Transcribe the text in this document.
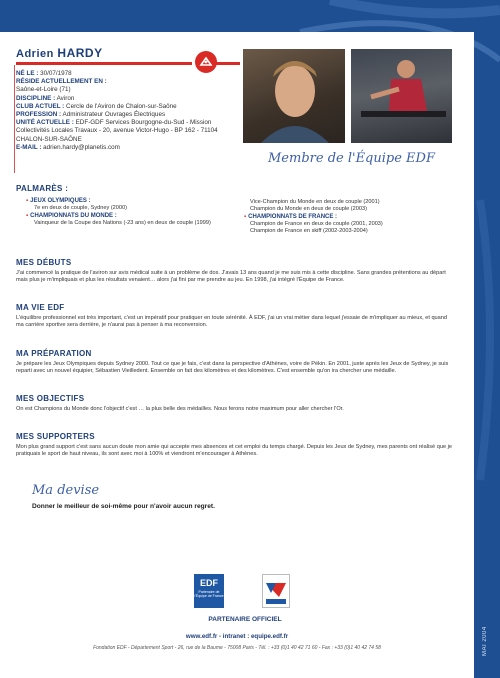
Adrien HARDY
Membre de l'Équipe EDF
NÉ LE : 30/07/1978
RÉSIDE ACTUELLEMENT EN :
Saône-et-Loire (71)
DISCIPLINE : Aviron
CLUB ACTUEL : Cercle de l'Aviron de Chalon-sur-Saône
PROFESSION : Administrateur Ouvrages Électriques
UNITÉ ACTUELLE : EDF-GDF Services Bourgogne-du-Sud - Mission Collectivités Locales Travaux - 20, avenue Victor-Hugo - BP 162 - 71104 CHALON-SUR-SAÔNE
E-MAIL : adrien.hardy@planetis.com
PALMARÈS :
▪ JEUX OLYMPIQUES :
7e en deux de couple, Sydney (2000)
▪ CHAMPIONNATS DU MONDE :
Vainqueur de la Coupe des Nations (-23 ans) en deux de couple (1999)
Vice-Champion du Monde en deux de couple (2001)
Champion du Monde en deux de couple (2003)
▪ CHAMPIONNATS DE FRANCE :
Champion de France en deux de couple (2001, 2003)
Champion de France en skiff (2002-2003-2004)
MES DÉBUTS
J'ai commencé la pratique de l'aviron sur avis médical suite à un problème de dos. J'avais 13 ans quand je me suis mis à cette discipline. Sans grandes prétentions au départ mais plus je m'impliquais et plus les résultats venaient… alors j'ai fini par me prendre au jeu. En 1998, j'ai intégré l'Équipe de France.
MA VIE EDF
L'équilibre professionnel est très important, c'est un impératif pour pratiquer en toute sérénité. À EDF, j'ai un vrai métier dans lequel j'essaie de m'impliquer au mieux, et quand ma carrière sportive sera derrière, je n'aurai pas à penser à ma reconversion.
MA PRÉPARATION
Je prépare les Jeux Olympiques depuis Sydney 2000. Tout ce que je fais, c'est dans la perspective d'Athènes, voire de Pékin. En 2001, juste après les Jeux de Sydney, je suis reparti avec un nouvel équipier, Sébastien Vieilledent. Ensemble on fait des kilomètres et des kilomètres. C'est ensemble qu'on ira chercher une médaille.
MES OBJECTIFS
On est Champions du Monde donc l'objectif c'est … la plus belle des médailles. Nous ferons notre maximum pour aller chercher l'Or.
MES SUPPORTERS
Mon plus grand support c'est sans aucun doute mon amie qui accepte mes absences et cet emploi du temps chargé. Depuis les Jeux de Sydney, mes parents ont réalisé que je pratiquais le sport de haut niveau, ils sont avec moi à 100% et viendront m'encourager à Athènes.
Ma devise
Donner le meilleur de soi-même pour n'avoir aucun regret.
EDF
Partenaire de l'Équipe de France
PARTENAIRE OFFICIEL
www.edf.fr - intranet : equipe.edf.fr
Fondation EDF - Département Sport - 26, rue de la Baume - 75008 Paris - Tél. : +33 (0)1 40 42 71 60 - Fax : +33 (0)1 40 42 74 58	MAI 2004
